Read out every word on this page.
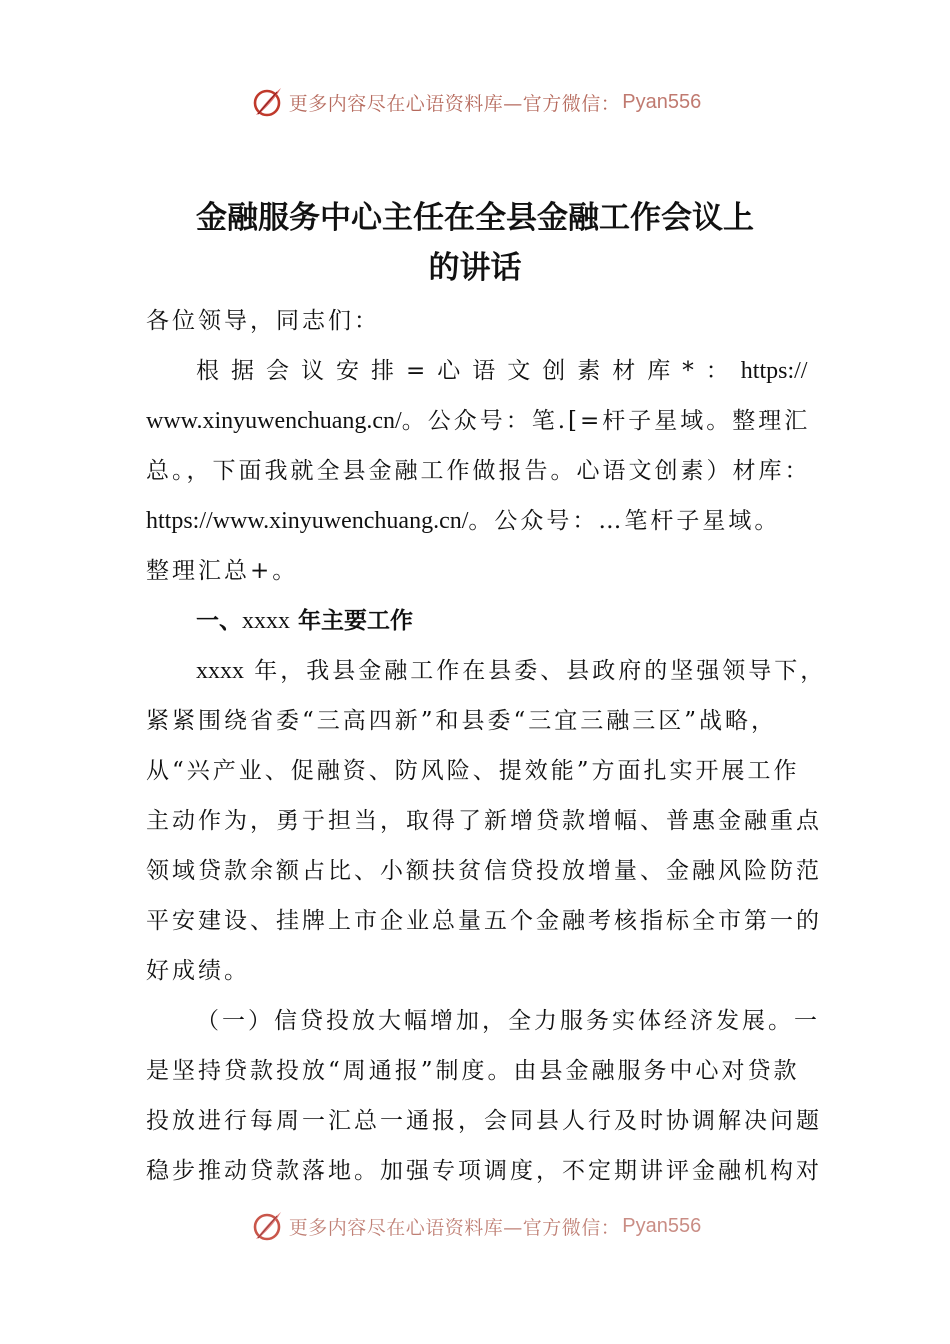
更多内容尽在心语资料库—官方微信： Pyan556
金融服务中心主任在全县金融工作会议上
的讲话
各位领导，同志们：
根据会议安排=心语文创素材库*：https://
www.xinyuwenchuang.cn/。公众号：笔.[=杆子星域。整理汇
总。，下面我就全县金融工作做报告。心语文创素）材库：
https://www.xinyuwenchuang.cn/。公众号：…笔杆子星域。
整理汇总+。
一、xxxx 年主要工作
xxxx 年，我县金融工作在县委、县政府的坚强领导下，
紧紧围绕省委“三高四新”和县委“三宜三融三区”战略，
从“兴产业、促融资、防风险、提效能”方面扎实开展工作
主动作为，勇于担当，取得了新增贷款增幅、普惠金融重点
领域贷款余额占比、小额扶贫信贷投放增量、金融风险防范
平安建设、挂牌上市企业总量五个金融考核指标全市第一的
好成绩。
（一）信贷投放大幅增加，全力服务实体经济发展。一
是坚持贷款投放“周通报”制度。由县金融服务中心对贷款
投放进行每周一汇总一通报，会同县人行及时协调解决问题
稳步推动贷款落地。加强专项调度，不定期讲评金融机构对
更多内容尽在心语资料库—官方微信： Pyan556
